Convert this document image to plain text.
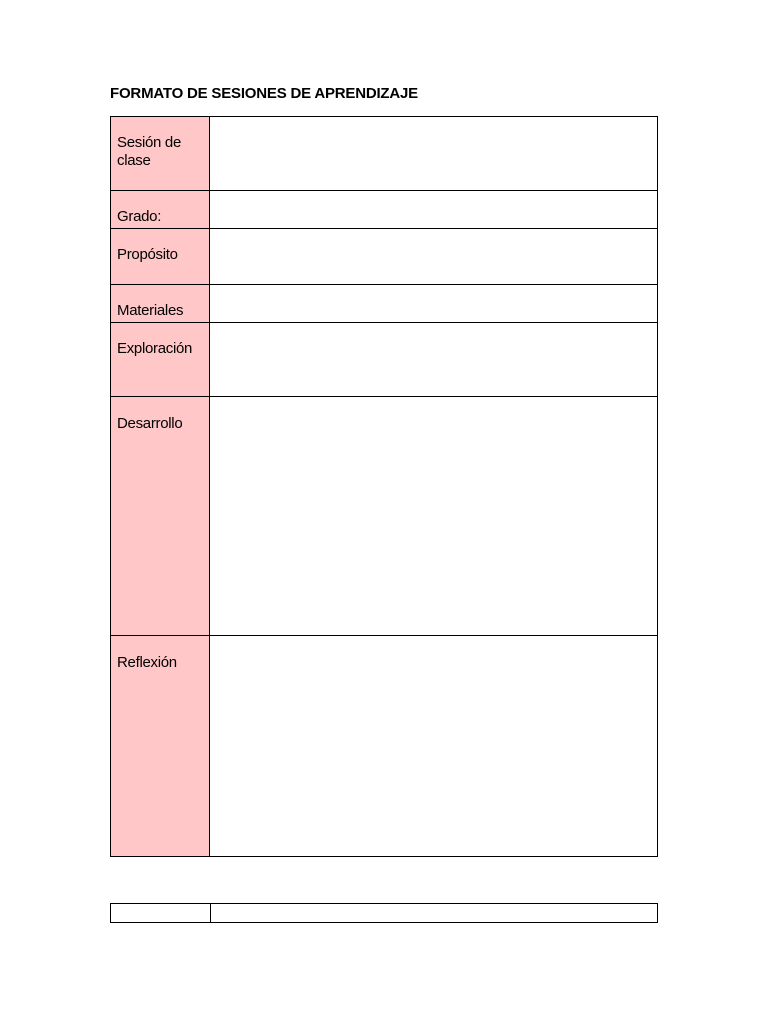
FORMATO DE SESIONES DE APRENDIZAJE
Sesión de clase	
Grado:	
Propósito	
Materiales	
Exploración	
Desarrollo	
Reflexión	
